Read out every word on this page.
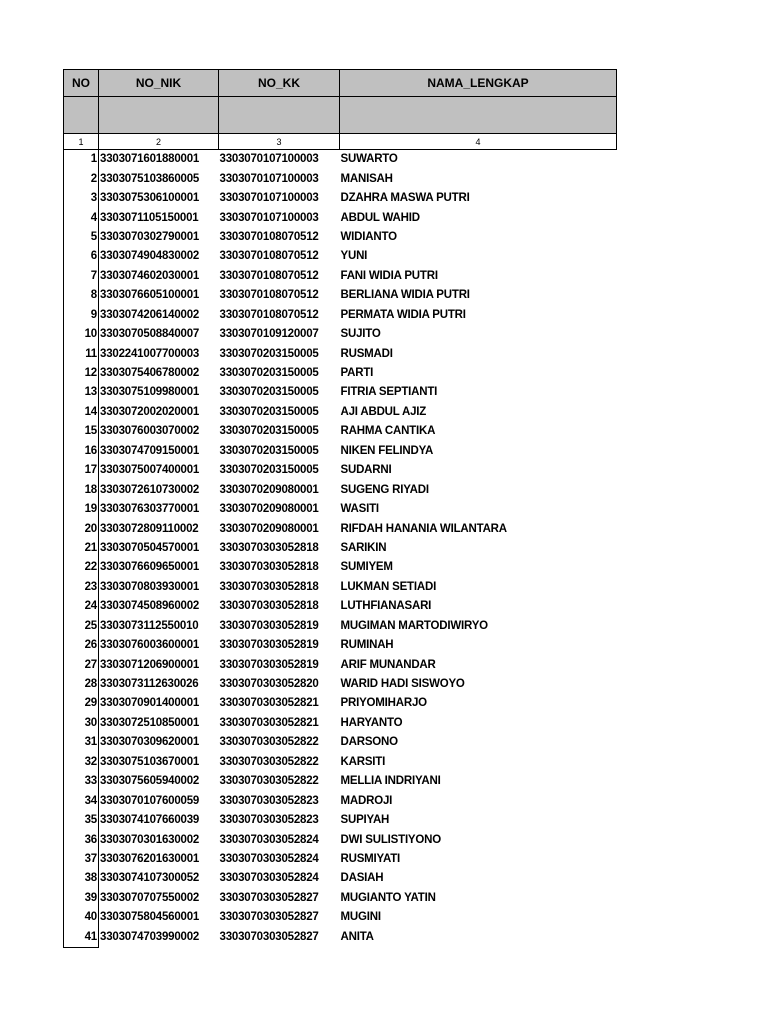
NO	NO_NIK	NO_KK	NAMA_LENGKAP

1	2	3	4
1	3303071601880001	3303070107100003	SUWARTO
2	3303075103860005	3303070107100003	MANISAH
3	3303075306100001	3303070107100003	DZAHRA MASWA PUTRI
4	3303071105150001	3303070107100003	ABDUL WAHID
5	3303070302790001	3303070108070512	WIDIANTO
6	3303074904830002	3303070108070512	YUNI
7	3303074602030001	3303070108070512	FANI WIDIA PUTRI
8	3303076605100001	3303070108070512	BERLIANA WIDIA PUTRI
9	3303074206140002	3303070108070512	PERMATA WIDIA PUTRI
10	3303070508840007	3303070109120007	SUJITO
11	3302241007700003	3303070203150005	RUSMADI
12	3303075406780002	3303070203150005	PARTI
13	3303075109980001	3303070203150005	FITRIA SEPTIANTI
14	3303072002020001	3303070203150005	AJI ABDUL AJIZ
15	3303076003070002	3303070203150005	RAHMA CANTIKA
16	3303074709150001	3303070203150005	NIKEN FELINDYA
17	3303075007400001	3303070203150005	SUDARNI
18	3303072610730002	3303070209080001	SUGENG RIYADI
19	3303076303770001	3303070209080001	WASITI
20	3303072809110002	3303070209080001	RIFDAH HANANIA WILANTARA
21	3303070504570001	3303070303052818	SARIKIN
22	3303076609650001	3303070303052818	SUMIYEM
23	3303070803930001	3303070303052818	LUKMAN SETIADI
24	3303074508960002	3303070303052818	LUTHFIANASARI
25	3303073112550010	3303070303052819	MUGIMAN MARTODIWIRYO
26	3303076003600001	3303070303052819	RUMINAH
27	3303071206900001	3303070303052819	ARIF MUNANDAR
28	3303073112630026	3303070303052820	WARID HADI SISWOYO
29	3303070901400001	3303070303052821	PRIYOMIHARJO
30	3303072510850001	3303070303052821	HARYANTO
31	3303070309620001	3303070303052822	DARSONO
32	3303075103670001	3303070303052822	KARSITI
33	3303075605940002	3303070303052822	MELLIA INDRIYANI
34	3303070107600059	3303070303052823	MADROJI
35	3303074107660039	3303070303052823	SUPIYAH
36	3303070301630002	3303070303052824	DWI SULISTIYONO
37	3303076201630001	3303070303052824	RUSMIYATI
38	3303074107300052	3303070303052824	DASIAH
39	3303070707550002	3303070303052827	MUGIANTO YATIN
40	3303075804560001	3303070303052827	MUGINI
41	3303074703990002	3303070303052827	ANITA
